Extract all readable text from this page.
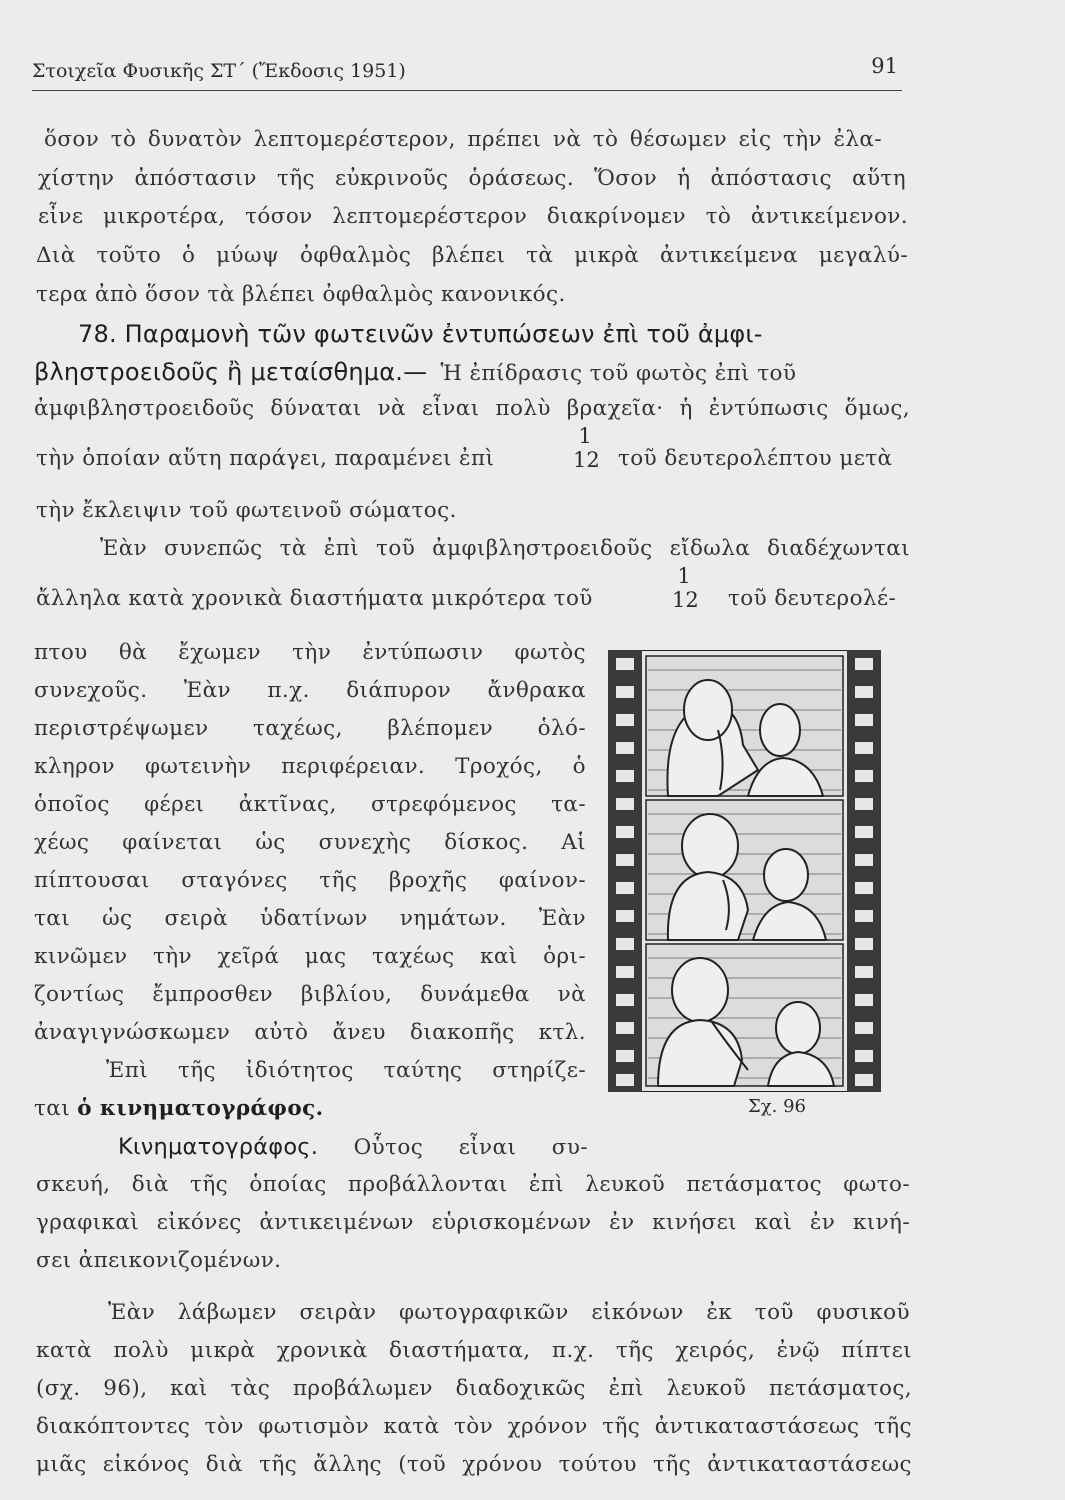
Στοιχεῖα Φυσικῆς ΣΤ΄ (Ἔκδοσις 1951)	91
ὅσον τὸ δυνατὸν λεπτομερέστερον, πρέπει νὰ τὸ θέσωμεν εἰς τὴν ἐλα-
χίστην ἀπόστασιν τῆς εὐκρινοῦς ὁράσεως. Ὅσον ἡ ἀπόστασις αὕτη
εἶνε μικροτέρα, τόσον λεπτομερέστερον διακρίνομεν τὸ ἀντικείμενον.
Διὰ τοῦτο ὁ μύωψ ὀφθαλμὸς βλέπει τὰ μικρὰ ἀντικείμενα μεγαλύ-
τερα ἀπὸ ὅσον τὰ βλέπει ὀφθαλμὸς κανονικός.
78. Παραμονὴ τῶν φωτεινῶν ἐντυπώσεων ἐπὶ τοῦ ἀμφι-
βληστροειδοῦς ἢ μεταίσθημα.— Ἡ ἐπίδρασις τοῦ φωτὸς ἐπὶ τοῦ
ἀμφιβληστροειδοῦς δύναται νὰ εἶναι πολὺ βραχεῖα· ἡ ἐντύπωσις ὅμως,
τὴν ὁποίαν αὕτη παράγει, παραμένει ἐπὶ
1
12 τοῦ δευτερολέπτου μετὰ
τὴν ἔκλειψιν τοῦ φωτεινοῦ σώματος.
Ἐὰν συνεπῶς τὰ ἐπὶ τοῦ ἀμφιβληστροειδοῦς εἴδωλα διαδέχωνται
ἄλληλα κατὰ χρονικὰ διαστήματα μικρότερα τοῦ
1
12 τοῦ δευτερολέ-
πτου θὰ ἔχωμεν τὴν ἐντύπωσιν φωτὸς
συνεχοῦς. Ἐὰν π.χ. διάπυρον ἄνθρακα
περιστρέψωμεν ταχέως, βλέπομεν ὁλό-
κληρον φωτεινὴν περιφέρειαν. Τροχός, ὁ
ὁποῖος φέρει ἀκτῖνας, στρεφόμενος τα-
χέως φαίνεται ὡς συνεχὴς δίσκος. Αἱ
πίπτουσαι σταγόνες τῆς βροχῆς φαίνον-
ται ὡς σειρὰ ὑδατίνων νημάτων. Ἐὰν
κινῶμεν τὴν χεῖρά μας ταχέως καὶ ὁρι-
ζοντίως ἔμπροσθεν βιβλίου, δυνάμεθα νὰ
ἀναγιγνώσκωμεν αὐτὸ ἄνευ διακοπῆς κτλ.
Ἐπὶ τῆς ἰδιότητος ταύτης στηρίζε-
ται ὁ κινηματογράφος.
Κινηματογράφος. Οὗτος εἶναι συ-
σκευή, διὰ τῆς ὁποίας προβάλλονται ἐπὶ λευκοῦ πετάσματος φωτο-
γραφικαὶ εἰκόνες ἀντικειμένων εὑρισκομένων ἐν κινήσει καὶ ἐν κινή-
σει ἀπεικονιζομένων.
Ἐὰν λάβωμεν σειρὰν φωτογραφικῶν εἰκόνων ἐκ τοῦ φυσικοῦ
κατὰ πολὺ μικρὰ χρονικὰ διαστήματα, π.χ. τῆς χειρός, ἐνῷ πίπτει
(σχ. 96), καὶ τὰς προβάλωμεν διαδοχικῶς ἐπὶ λευκοῦ πετάσματος,
διακόπτοντες τὸν φωτισμὸν κατὰ τὸν χρόνον τῆς ἀντικαταστάσεως τῆς
μιᾶς εἰκόνος διὰ τῆς ἄλλης (τοῦ χρόνου τούτου τῆς ἀντικαταστάσεως
Σχ. 96
